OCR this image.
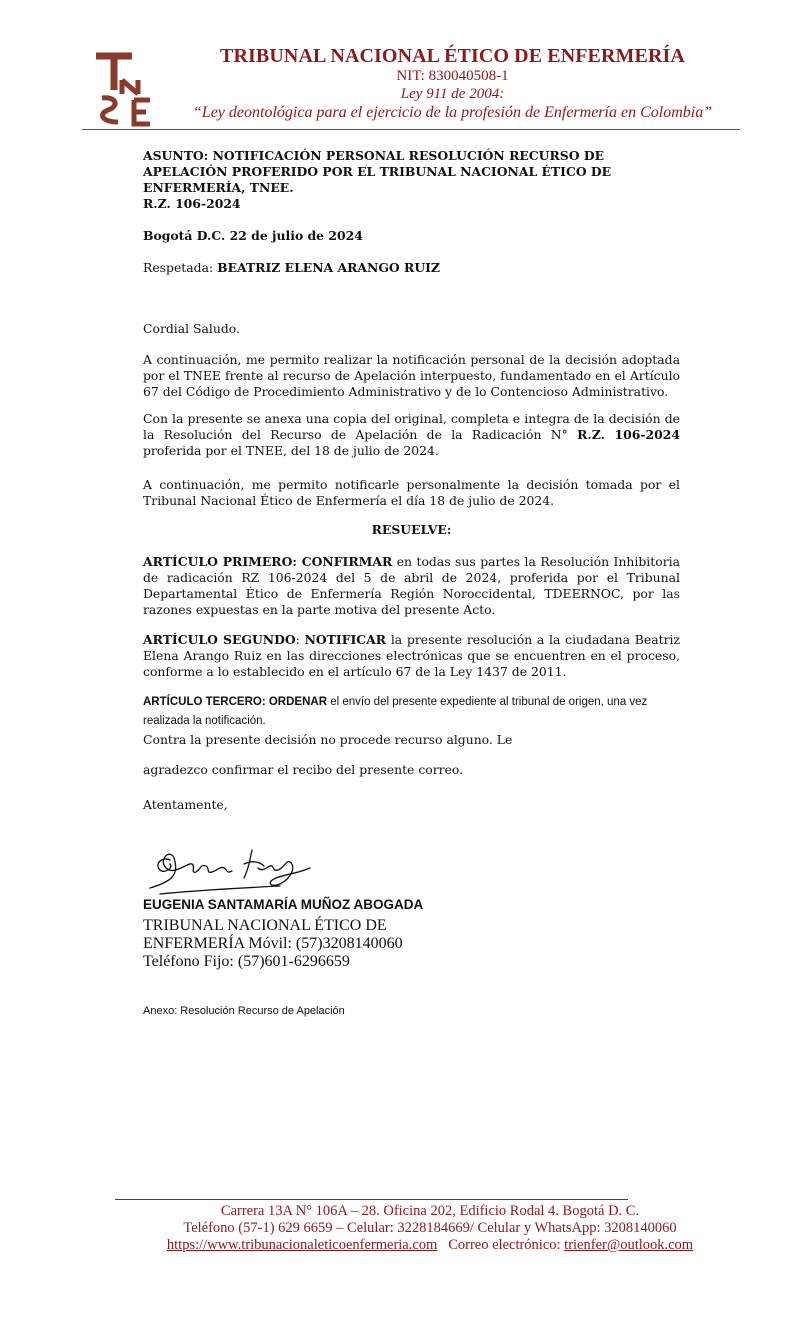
TRIBUNAL NACIONAL ÉTICO DE ENFERMERÍA
NIT: 830040508-1
Ley 911 de 2004:
“Ley deontológica para el ejercicio de la profesión de Enfermería en Colombia”
ASUNTO: NOTIFICACIÓN PERSONAL RESOLUCIÓN RECURSO DE APELACIÓN PROFERIDO POR EL TRIBUNAL NACIONAL ÉTICO DE ENFERMERÍA, TNEE.
R.Z. 106-2024
Bogotá D.C. 22 de julio de 2024
Respetada: BEATRIZ ELENA ARANGO RUIZ
Cordial Saludo.
A continuación, me permito realizar la notificación personal de la decisión adoptada por el TNEE frente al recurso de Apelación interpuesto, fundamentado en el Artículo 67 del Código de Procedimiento Administrativo y de lo Contencioso Administrativo.
Con la presente se anexa una copia del original, completa e integra de la decisión de la Resolución del Recurso de Apelación de la Radicación N° R.Z. 106-2024 proferida por el TNEE, del 18 de julio de 2024.
A continuación, me permito notificarle personalmente la decisión tomada por el Tribunal Nacional Ético de Enfermería el día 18 de julio de 2024.
RESUELVE:
ARTÍCULO PRIMERO: CONFIRMAR en todas sus partes la Resolución Inhibitoria de radicación RZ 106-2024 del 5 de abril de 2024, proferida por el Tribunal Departamental Ético de Enfermería Región Noroccidental, TDEERNOC, por las razones expuestas en la parte motiva del presente Acto.
ARTÍCULO SEGUNDO: NOTIFICAR la presente resolución a la ciudadana Beatriz Elena Arango Ruiz en las direcciones electrónicas que se encuentren en el proceso, conforme a lo establecido en el artículo 67 de la Ley 1437 de 2011.
ARTÍCULO TERCERO: ORDENAR el envío del presente expediente al tribunal de origen, una vez realizada la notificación.
Contra la presente decisión no procede recurso alguno. Le
agradezco confirmar el recibo del presente correo.
Atentamente,
EUGENIA SANTAMARÍA MUÑOZ ABOGADA
TRIBUNAL NACIONAL ÉTICO DE
ENFERMERÍA Móvil: (57)3208140060
Teléfono Fijo: (57)601-6296659
Anexo: Resolución Recurso de Apelación
Carrera 13A N° 106A – 28. Oficina 202, Edificio Rodal 4. Bogotá D. C.
Teléfono (57-1) 629 6659 – Celular: 3228184669/ Celular y WhatsApp: 3208140060
https://www.tribunacionaleticoenfermeria.com Correo electrónico: trienfer@outlook.com
